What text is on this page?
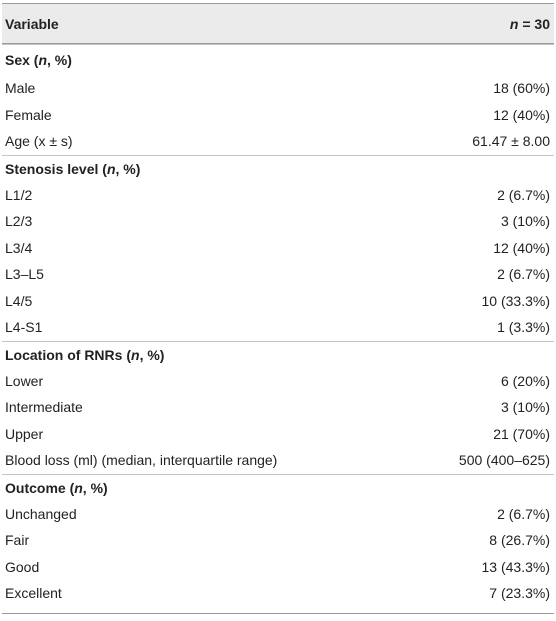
Variable	n = 30
Sex (n, %)
Male	18 (60%)
Female	12 (40%)
Age (x ± s)	61.47 ± 8.00
Stenosis level (n, %)
L1/2	2 (6.7%)
L2/3	3 (10%)
L3/4	12 (40%)
L3–L5	2 (6.7%)
L4/5	10 (33.3%)
L4-S1	1 (3.3%)
Location of RNRs (n, %)
Lower	6 (20%)
Intermediate	3 (10%)
Upper	21 (70%)
Blood loss (ml) (median, interquartile range)	500 (400–625)
Outcome (n, %)
Unchanged	2 (6.7%)
Fair	8 (26.7%)
Good	13 (43.3%)
Excellent	7 (23.3%)
